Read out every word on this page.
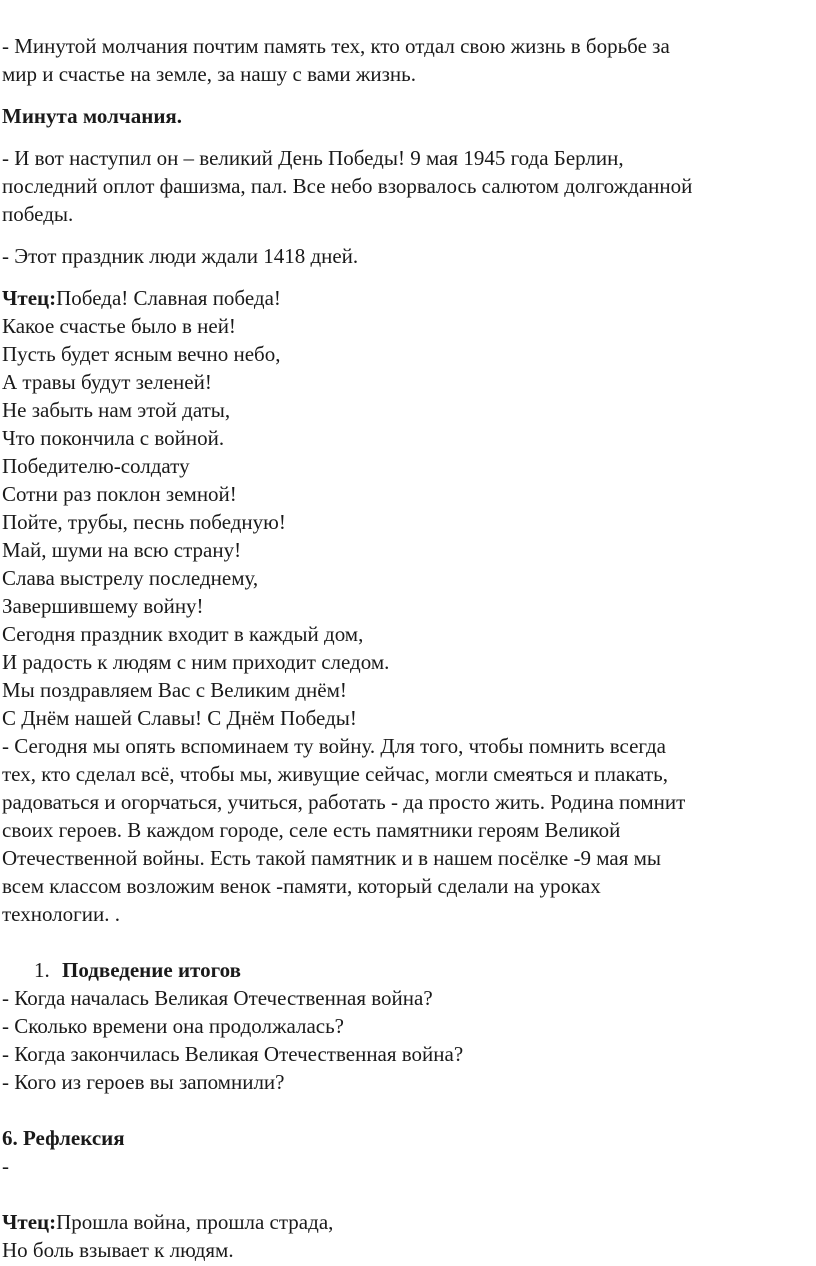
- Минутой молчания почтим память тех, кто отдал свою жизнь в борьбе за
мир и счастье на земле, за нашу с вами жизнь.

Минута молчания.

- И вот наступил он – великий День Победы! 9 мая 1945 года Берлин,
последний оплот фашизма, пал. Все небо взорвалось салютом долгожданной
победы.

- Этот праздник люди ждали 1418 дней.

Чтец:Победа! Славная победа!
Какое счастье было в ней!
Пусть будет ясным вечно небо,
А травы будут зеленей!
Не забыть нам этой даты,
Что покончила с войной.
Победителю-солдату
Сотни раз поклон земной!
Пойте, трубы, песнь победную!
Май, шуми на всю страну!
Слава выстрелу последнему,
Завершившему войну!
Сегодня праздник входит в каждый дом,
И радость к людям с ним приходит следом.
Мы поздравляем Вас с Великим днём!
С Днём нашей Славы! С Днём Победы!
- Сегодня мы опять вспоминаем ту войну. Для того, чтобы помнить всегда
тех, кто сделал всё, чтобы мы, живущие сейчас, могли смеяться и плакать,
радоваться и огорчаться, учиться, работать - да просто жить. Родина помнит
своих героев. В каждом городе, селе есть памятники героям Великой
Отечественной войны. Есть такой памятник и в нашем посёлке -9 мая мы
всем классом возложим венок -памяти, который сделали на уроках
технологии. .
1. Подведение итогов
- Когда началась Великая Отечественная война?
- Сколько времени она продолжалась?
- Когда закончилась Великая Отечественная война?
- Кого из героев вы запомнили?
6. Рефлексия
-
Чтец:Прошла война, прошла страда,
Но боль взывает к людям.
